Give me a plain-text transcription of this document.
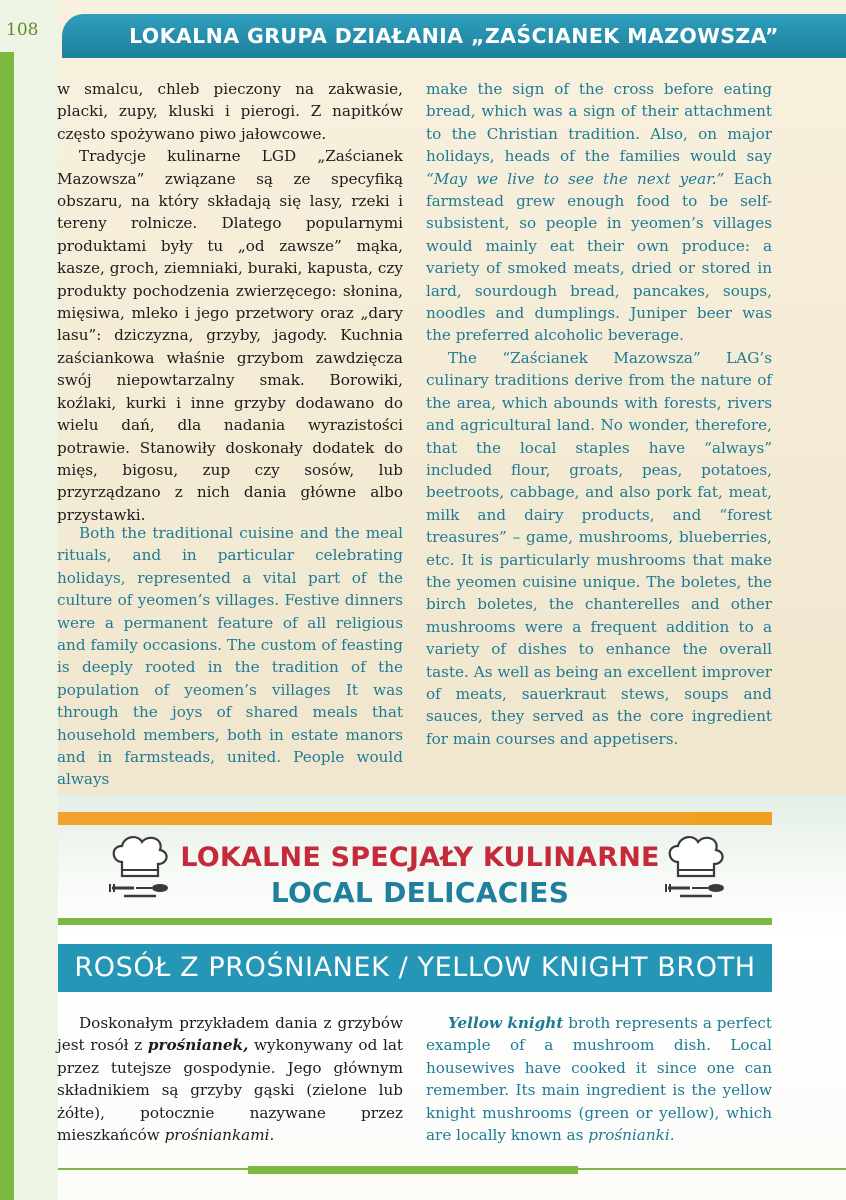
108	LOKALNA GRUPA DZIAŁANIA „ZAŚCIANEK MAZOWSZA”

w smalcu, chleb pieczony na zakwasie, placki, zupy, kluski i pierogi. Z napitków często spożywano piwo jałowcowe.

Tradycje kulinarne LGD „Zaścianek Mazowsza” związane są ze specyfiką obszaru, na który składają się lasy, rzeki i tereny rolnicze. Dlatego popularnymi produktami były tu „od zawsze” mąka, kasze, groch, ziemniaki, buraki, kapusta, czy produkty pochodzenia zwierzęcego: słonina, mięsiwa, mleko i jego przetwory oraz „dary lasu”: dziczyzna, grzyby, jagody. Kuchnia zaściankowa właśnie grzybom zawdzięcza swój niepowtarzalny smak. Borowiki, koźlaki, kurki i inne grzyby dodawano do wielu dań, dla nadania wyrazistości potrawie. Stanowiły doskonały dodatek do mięs, bigosu, zup czy sosów, lub przyrządzano z nich dania główne albo przystawki.

Both the traditional cuisine and the meal rituals, and in particular celebrating holidays, represented a vital part of the culture of yeomen’s villages. Festive dinners were a permanent feature of all religious and family occasions. The custom of feasting is deeply rooted in the tradition of the population of yeomen’s villages It was through the joys of shared meals that household members, both in estate manors and in farmsteads, united. People would always

make the sign of the cross before eating bread, which was a sign of their attachment to the Christian tradition. Also, on major holidays, heads of the families would say “May we live to see the next year.” Each farmstead grew enough food to be self-subsistent, so people in yeomen’s villages would mainly eat their own produce: a variety of smoked meats, dried or stored in lard, sourdough bread, pancakes, soups, noodles and dumplings. Juniper beer was the preferred alcoholic beverage.

The “Zaścianek Mazowsza” LAG’s culinary traditions derive from the nature of the area, which abounds with forests, rivers and agricultural land. No wonder, therefore, that the local staples have “always” included flour, groats, peas, potatoes, beetroots, cabbage, and also pork fat, meat, milk and dairy products, and “forest treasures” – game, mushrooms, blueberries, etc. It is particularly mushrooms that make the yeomen cuisine unique. The boletes, the birch boletes, the chanterelles and other mushrooms were a frequent addition to a variety of dishes to enhance the overall taste. As well as being an excellent improver of meats, sauerkraut stews, soups and sauces, they served as the core ingredient for main courses and appetisers.

LOKALNE SPECJAŁY KULINARNE
LOCAL DELICACIES
ROSÓŁ Z PROŚNIANEK / YELLOW KNIGHT BROTH

Doskonałym przykładem dania z grzybów jest rosół z prośnianek, wykonywany od lat przez tutejsze gospodynie. Jego głównym składnikiem są grzyby gąski (zielone lub żółte), potocznie nazywane przez mieszkańców prośniankami.

Yellow knight broth represents a perfect example of a mushroom dish. Local housewives have cooked it since one can remember. Its main ingredient is the yellow knight mushrooms (green or yellow), which are locally known as prośnianki.
